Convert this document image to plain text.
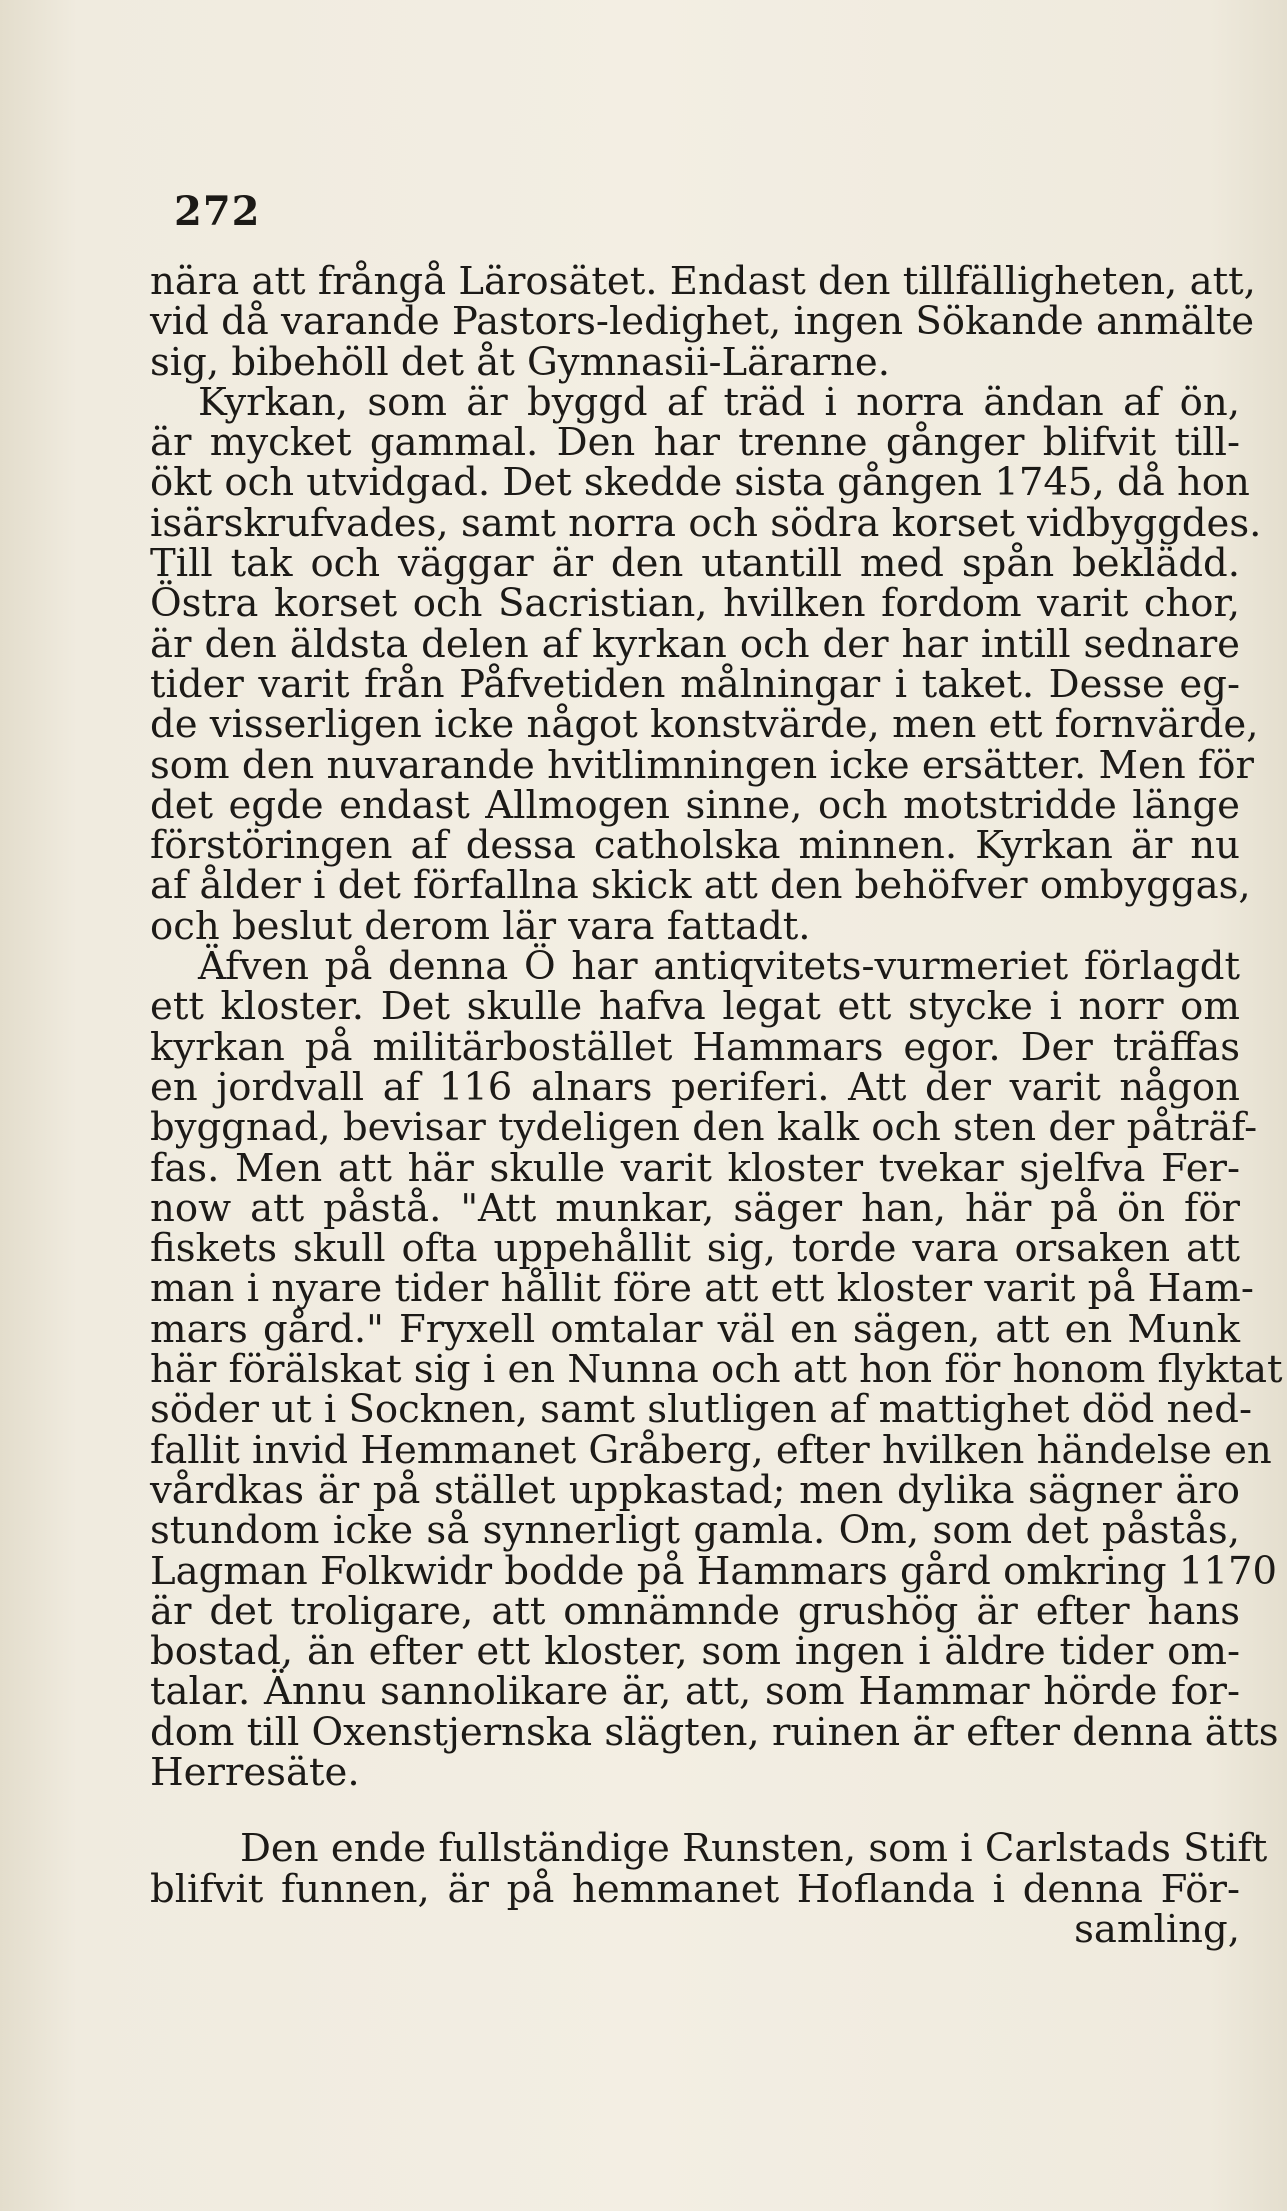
272
nära att frångå Lärosätet. Endast den tillfälligheten, att,
vid då varande Pastors-ledighet, ingen Sökande anmälte
sig, bibehöll det åt Gymnasii-Lärarne.
Kyrkan, som är byggd af träd i norra ändan af ön,
är mycket gammal. Den har trenne gånger blifvit till-
ökt och utvidgad. Det skedde sista gången 1745, då hon
isärskrufvades, samt norra och södra korset vidbyggdes.
Till tak och väggar är den utantill med spån beklädd.
Östra korset och Sacristian, hvilken fordom varit chor,
är den äldsta delen af kyrkan och der har intill sednare
tider varit från Påfvetiden målningar i taket. Desse eg-
de visserligen icke något konstvärde, men ett fornvärde,
som den nuvarande hvitlimningen icke ersätter. Men för
det egde endast Allmogen sinne, och motstridde länge
förstöringen af dessa catholska minnen. Kyrkan är nu
af ålder i det förfallna skick att den behöfver ombyggas,
och beslut derom lär vara fattadt.
Äfven på denna Ö har antiqvitets-vurmeriet förlagdt
ett kloster. Det skulle hafva legat ett stycke i norr om
kyrkan på militärbostället Hammars egor. Der träffas
en jordvall af 116 alnars periferi. Att der varit någon
byggnad, bevisar tydeligen den kalk och sten der påträf-
fas. Men att här skulle varit kloster tvekar sjelfva Fer-
now att påstå. "Att munkar, säger han, här på ön för
fiskets skull ofta uppehållit sig, torde vara orsaken att
man i nyare tider hållit före att ett kloster varit på Ham-
mars gård." Fryxell omtalar väl en sägen, att en Munk
här förälskat sig i en Nunna och att hon för honom flyktat
söder ut i Socknen, samt slutligen af mattighet död ned-
fallit invid Hemmanet Gråberg, efter hvilken händelse en
vårdkas är på stället uppkastad; men dylika sägner äro
stundom icke så synnerligt gamla. Om, som det påstås,
Lagman Folkwidr bodde på Hammars gård omkring 1170
är det troligare, att omnämnde grushög är efter hans
bostad, än efter ett kloster, som ingen i äldre tider om-
talar. Ännu sannolikare är, att, som Hammar hörde for-
dom till Oxenstjernska slägten, ruinen är efter denna ätts
Herresäte.
Den ende fullständige Runsten, som i Carlstads Stift
blifvit funnen, är på hemmanet Hoflanda i denna För-
samling,
